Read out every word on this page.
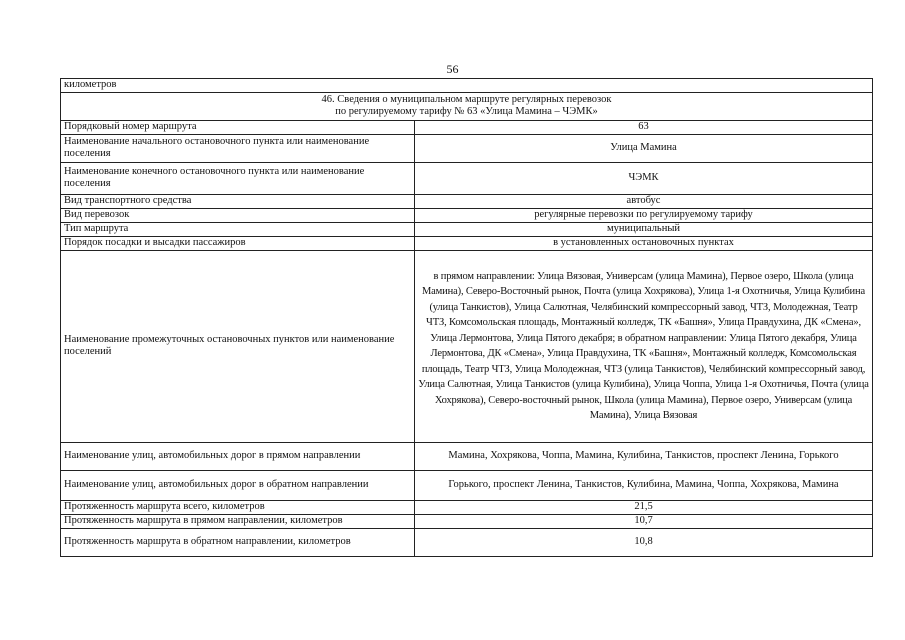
56
километров	

46. Сведения о муниципальном маршруте регулярных перевозок
по регулируемому тарифу № 63 «Улица Мамина – ЧЭМК»	

Порядковый номер маршрута	63
Наименование начального остановочного пункта или наименование поселения	Улица Мамина
Наименование конечного остановочного пункта или наименование поселения	ЧЭМК
Вид транспортного средства	автобус
Вид перевозок	регулярные перевозки по регулируемому тарифу
Тип маршрута	муниципальный
Порядок посадки и высадки пассажиров	в установленных остановочных пунктах
Наименование промежуточных остановочных пунктов или наименование поселений	в прямом направлении: Улица Вязовая, Универсам (улица Мамина), Первое озеро, Школа (улица Мамина), Северо-Восточный рынок, Почта (улица Хохрякова), Улица 1-я Охотничья, Улица Кулибина (улица Танкистов), Улица Салютная, Челябинский компрессорный завод, ЧТЗ, Молодежная, Театр ЧТЗ, Комсомольская площадь, Монтажный колледж, ТК «Башня», Улица Правдухина, ДК «Смена», Улица Лермонтова, Улица Пятого декабря; в обратном направлении: Улица Пятого декабря, Улица Лермонтова, ДК «Смена», Улица Правдухина, ТК «Башня», Монтажный колледж, Комсомольская площадь, Театр ЧТЗ, Улица Молодежная, ЧТЗ (улица Танкистов), Челябинский компрессорный завод, Улица Салютная, Улица Танкистов (улица Кулибина), Улица Чоппа, Улица 1-я Охотничья, Почта (улица Хохрякова), Северо-восточный рынок, Школа (улица Мамина), Первое озеро, Универсам (улица Мамина), Улица Вязовая
Наименование улиц, автомобильных дорог в прямом направлении	Мамина, Хохрякова, Чоппа, Мамина, Кулибина, Танкистов, проспект Ленина, Горького
Наименование улиц, автомобильных дорог в обратном направлении	Горького, проспект Ленина, Танкистов, Кулибина, Мамина, Чоппа, Хохрякова, Мамина
Протяженность маршрута всего, километров	21,5
Протяженность маршрута в прямом направлении, километров	10,7
Протяженность маршрута в обратном направлении, километров	10,8
